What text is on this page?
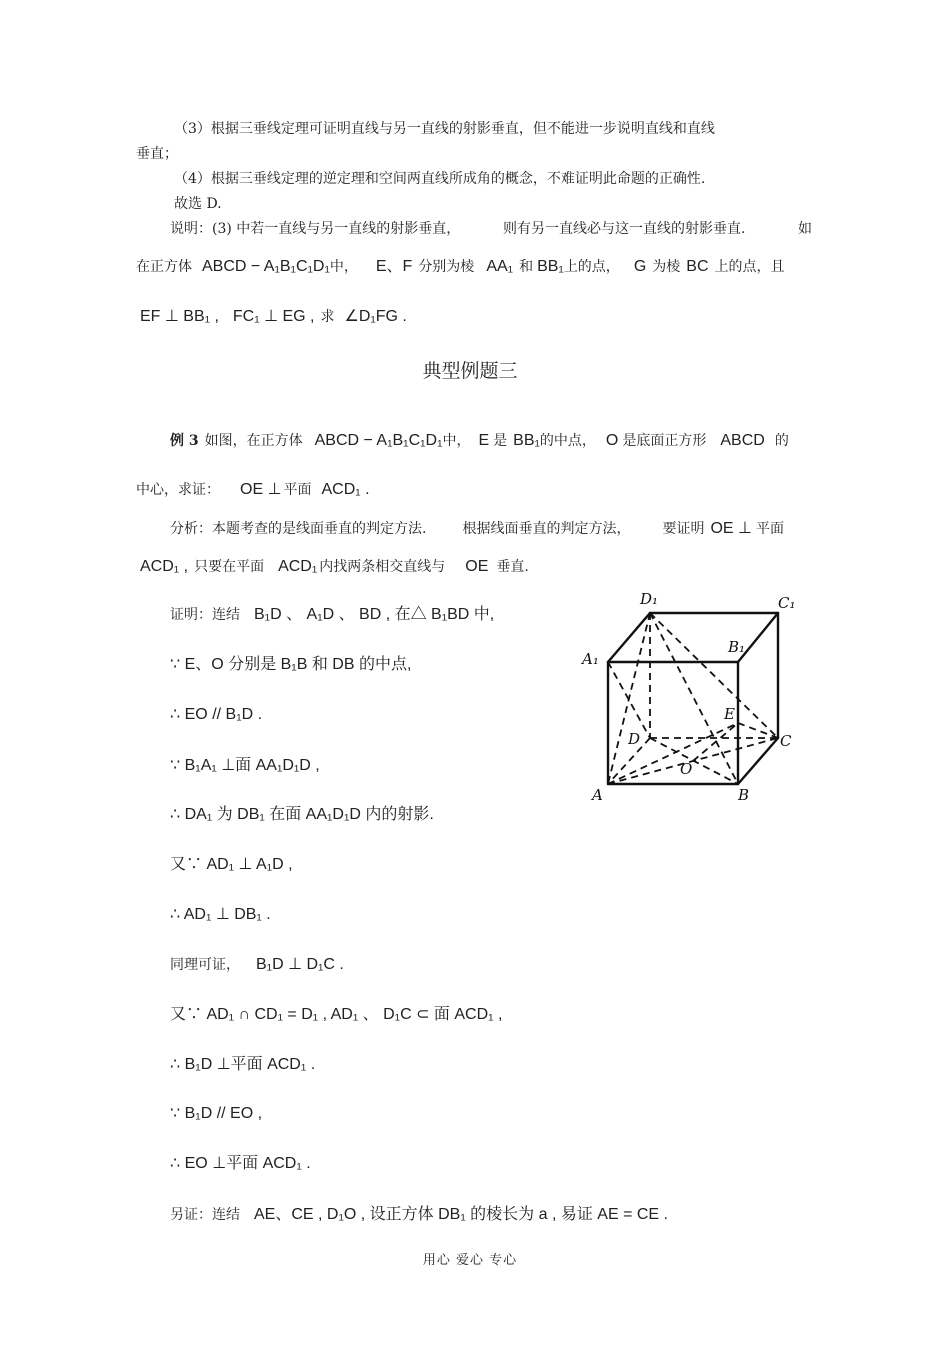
（3）根据三垂线定理可证明直线与另一直线的射影垂直，但不能进一步说明直线和直线
垂直；
（4）根据三垂线定理的逆定理和空间两直线所成角的概念，不难证明此命题的正确性.
故选 D.
说明：(3) 中若一直线与另一直线的射影垂直，	则有另一直线必与这一直线的射影垂直.	如
在正方体 ABCD − A₁B₁C₁D₁中， E、F 分别为棱 AA₁ 和 BB₁上的点， G 为棱 BC 上的点，且
EF ⊥ BB₁ , FC₁ ⊥ EG , 求 ∠D₁FG .
典型例题三
例 3 如图，在正方体 ABCD − A₁B₁C₁D₁中， E 是 BB₁的中点， O 是底面正方形 ABCD 的
中心，求证： OE ⊥ 平面 ACD₁ .
分析：本题考查的是线面垂直的判定方法.	根据线面垂直的判定方法， 要证明 OE ⊥ 平面
ACD₁ , 只要在平面 ACD₁ 内找两条相交直线与 OE 垂直.
证明：连结 B₁D 、 A₁D 、 BD , 在△ B₁BD 中,
∵ E、O 分别是 B₁B 和 DB 的中点,
∴ EO // B₁D .
∵ B₁A₁ ⊥面 AA₁D₁D ,
∴ DA₁ 为 DB₁ 在面 AA₁D₁D 内的射影.
又∵ AD₁ ⊥ A₁D ,
∴ AD₁ ⊥ DB₁ .
同理可证， B₁D ⊥ D₁C .
又∵ AD₁ ∩ CD₁ = D₁ , AD₁ 、 D₁C ⊂ 面 ACD₁ ,
∴ B₁D ⊥平面 ACD₁ .
∵ B₁D // EO ,
∴ EO ⊥平面 ACD₁ .
另证：连结 AE、CE , D₁O , 设正方体 DB₁ 的棱长为 a , 易证 AE = CE .
D₁	C₁
A₁
B₁
E
D	C
O
A	B
用心 爱心 专心
